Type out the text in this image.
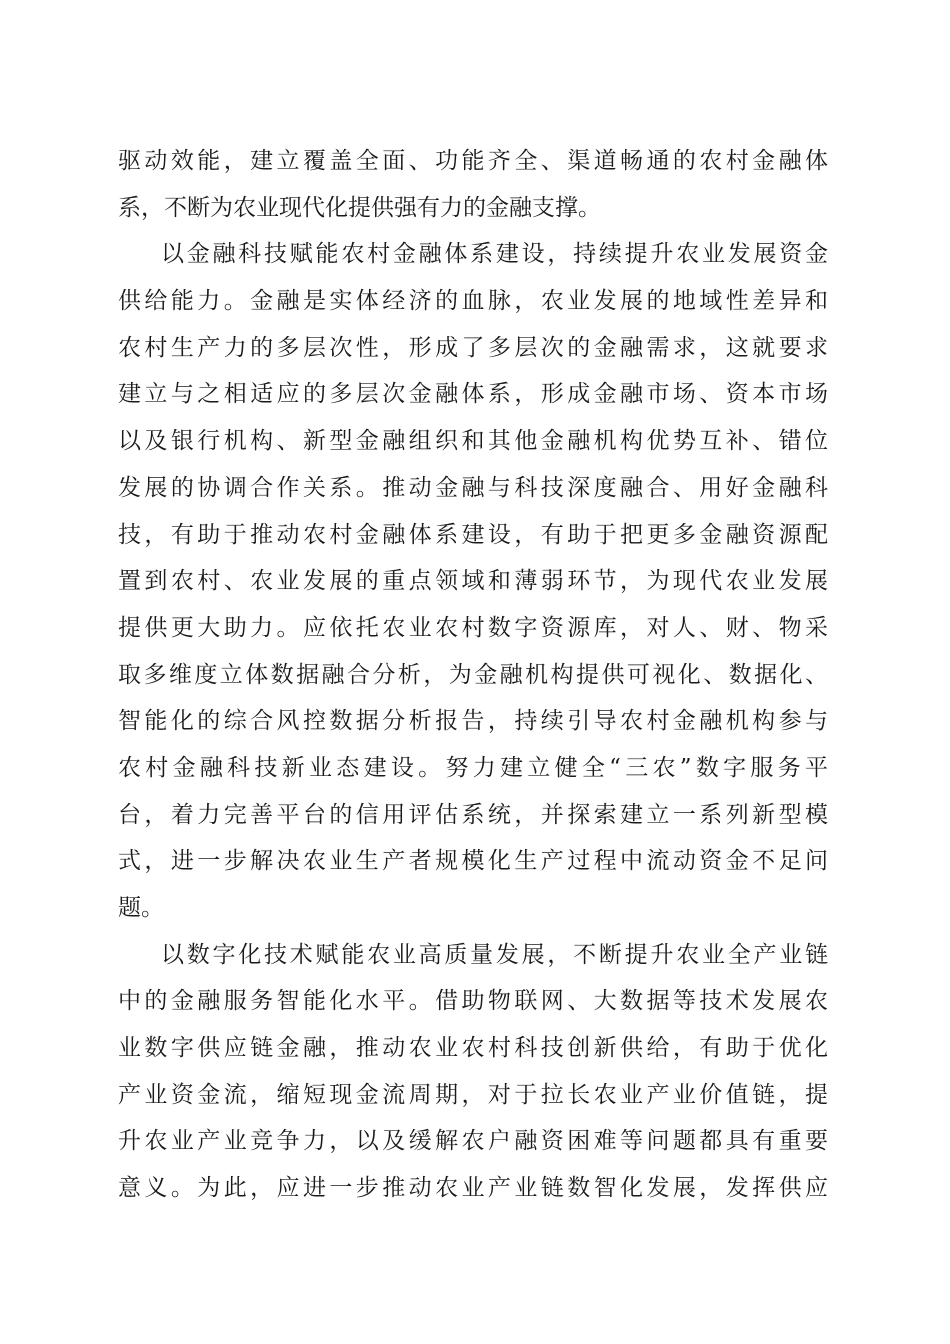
驱动效能，建立覆盖全面、功能齐全、渠道畅通的农村金融体
系，不断为农业现代化提供强有力的金融支撑。
以金融科技赋能农村金融体系建设，持续提升农业发展资金
供给能力。金融是实体经济的血脉，农业发展的地域性差异和
农村生产力的多层次性，形成了多层次的金融需求，这就要求
建立与之相适应的多层次金融体系，形成金融市场、资本市场
以及银行机构、新型金融组织和其他金融机构优势互补、错位
发展的协调合作关系。推动金融与科技深度融合、用好金融科
技，有助于推动农村金融体系建设，有助于把更多金融资源配
置到农村、农业发展的重点领域和薄弱环节，为现代农业发展
提供更大助力。应依托农业农村数字资源库，对人、财、物采
取多维度立体数据融合分析，为金融机构提供可视化、数据化、
智能化的综合风控数据分析报告，持续引导农村金融机构参与
农村金融科技新业态建设。努力建立健全“三农”数字服务平
台，着力完善平台的信用评估系统，并探索建立一系列新型模
式，进一步解决农业生产者规模化生产过程中流动资金不足问
题。
以数字化技术赋能农业高质量发展，不断提升农业全产业链
中的金融服务智能化水平。借助物联网、大数据等技术发展农
业数字供应链金融，推动农业农村科技创新供给，有助于优化
产业资金流，缩短现金流周期，对于拉长农业产业价值链，提
升农业产业竞争力，以及缓解农户融资困难等问题都具有重要
意义。为此，应进一步推动农业产业链数智化发展，发挥供应
